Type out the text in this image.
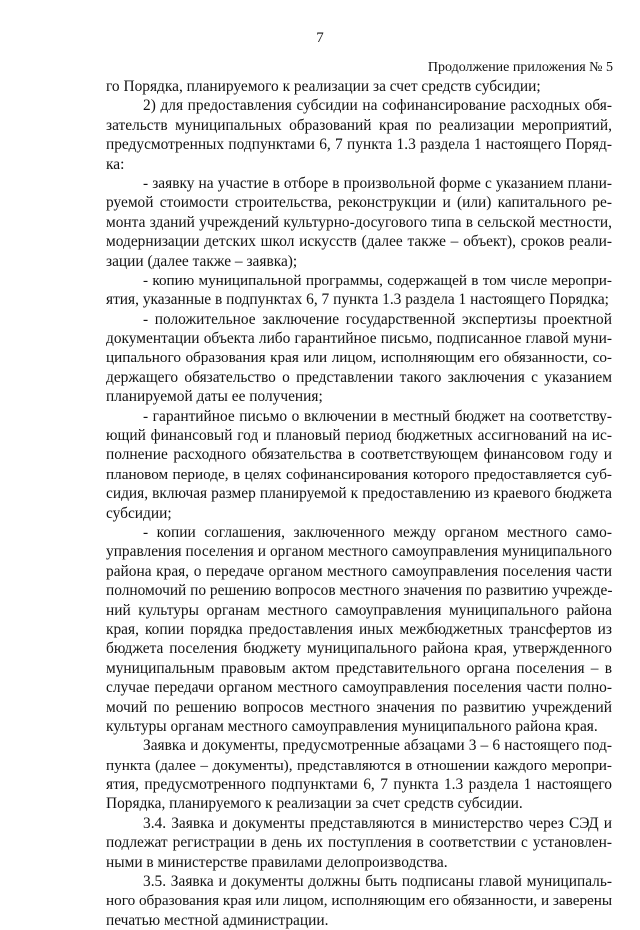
7
Продолжение приложения № 5
го Порядка, планируемого к реализации за счет средств субсидии;
2) для предоставления субсидии на софинансирование расходных обя-
зательств муниципальных образований края по реализации мероприятий,
предусмотренных подпунктами 6, 7 пункта 1.3 раздела 1 настоящего Поряд-
ка:
- заявку на участие в отборе в произвольной форме с указанием плани-
руемой стоимости строительства, реконструкции и (или) капитального ре-
монта зданий учреждений культурно-досугового типа в сельской местности,
модернизации детских школ искусств (далее также – объект), сроков реали-
зации (далее также – заявка);
- копию муниципальной программы, содержащей в том числе меропри-
ятия, указанные в подпунктах 6, 7 пункта 1.3 раздела 1 настоящего Порядка;
- положительное заключение государственной экспертизы проектной
документации объекта либо гарантийное письмо, подписанное главой муни-
ципального образования края или лицом, исполняющим его обязанности, со-
держащего обязательство о представлении такого заключения с указанием
планируемой даты ее получения;
- гарантийное письмо о включении в местный бюджет на соответству-
ющий финансовый год и плановый период бюджетных ассигнований на ис-
полнение расходного обязательства в соответствующем финансовом году и
плановом периоде, в целях софинансирования которого предоставляется суб-
сидия, включая размер планируемой к предоставлению из краевого бюджета
субсидии;
- копии соглашения, заключенного между органом местного само-
управления поселения и органом местного самоуправления муниципального
района края, о передаче органом местного самоуправления поселения части
полномочий по решению вопросов местного значения по развитию учрежде-
ний культуры органам местного самоуправления муниципального района
края, копии порядка предоставления иных межбюджетных трансфертов из
бюджета поселения бюджету муниципального района края, утвержденного
муниципальным правовым актом представительного органа поселения – в
случае передачи органом местного самоуправления поселения части полно-
мочий по решению вопросов местного значения по развитию учреждений
культуры органам местного самоуправления муниципального района края.
Заявка и документы, предусмотренные абзацами 3 – 6 настоящего под-
пункта (далее – документы), представляются в отношении каждого меропри-
ятия, предусмотренного подпунктами 6, 7 пункта 1.3 раздела 1 настоящего
Порядка, планируемого к реализации за счет средств субсидии.
3.4. Заявка и документы представляются в министерство через СЭД и
подлежат регистрации в день их поступления в соответствии с установлен-
ными в министерстве правилами делопроизводства.
3.5. Заявка и документы должны быть подписаны главой муниципаль-
ного образования края или лицом, исполняющим его обязанности, и заверены
печатью местной администрации.
